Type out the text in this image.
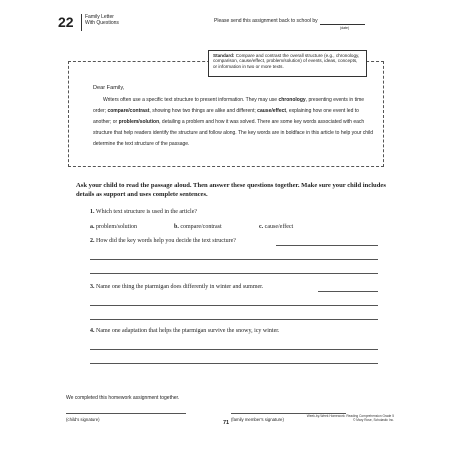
22 Family Letter
With Questions	Please send this assignment back to school by
(date)
Standard: Compare and contrast the overall structure (e.g., chronology, comparison, cause/effect, problem/solution) of events, ideas, concepts, or information in two or more texts.
Dear Family,
Writers often use a specific text structure to present information. They may use chronology, presenting events in time order; compare/contrast, showing how two things are alike and different; cause/effect, explaining how one event led to another; or problem/solution, detailing a problem and how it was solved. There are some key words associated with each structure that help readers identify the structure and follow along. The key words are in boldface in this article to help your child determine the text structure of the passage.
Ask your child to read the passage aloud. Then answer these questions together. Make sure your child includes details as support and uses complete sentences.
1. Which text structure is used in the article?
a. problem/solution	b. compare/contrast	c. cause/effect
2. How did the key words help you decide the text structure?
3. Name one thing the ptarmigan does differently in winter and summer.
4. Name one adaptation that helps the ptarmigan survive the snowy, icy winter.
We completed this homework assignment together.
(child's signature)	(family member's signature)
71
Week-by-Week Homework: Reading Comprehension Grade 5
© Mary Rose, Scholastic Inc.
